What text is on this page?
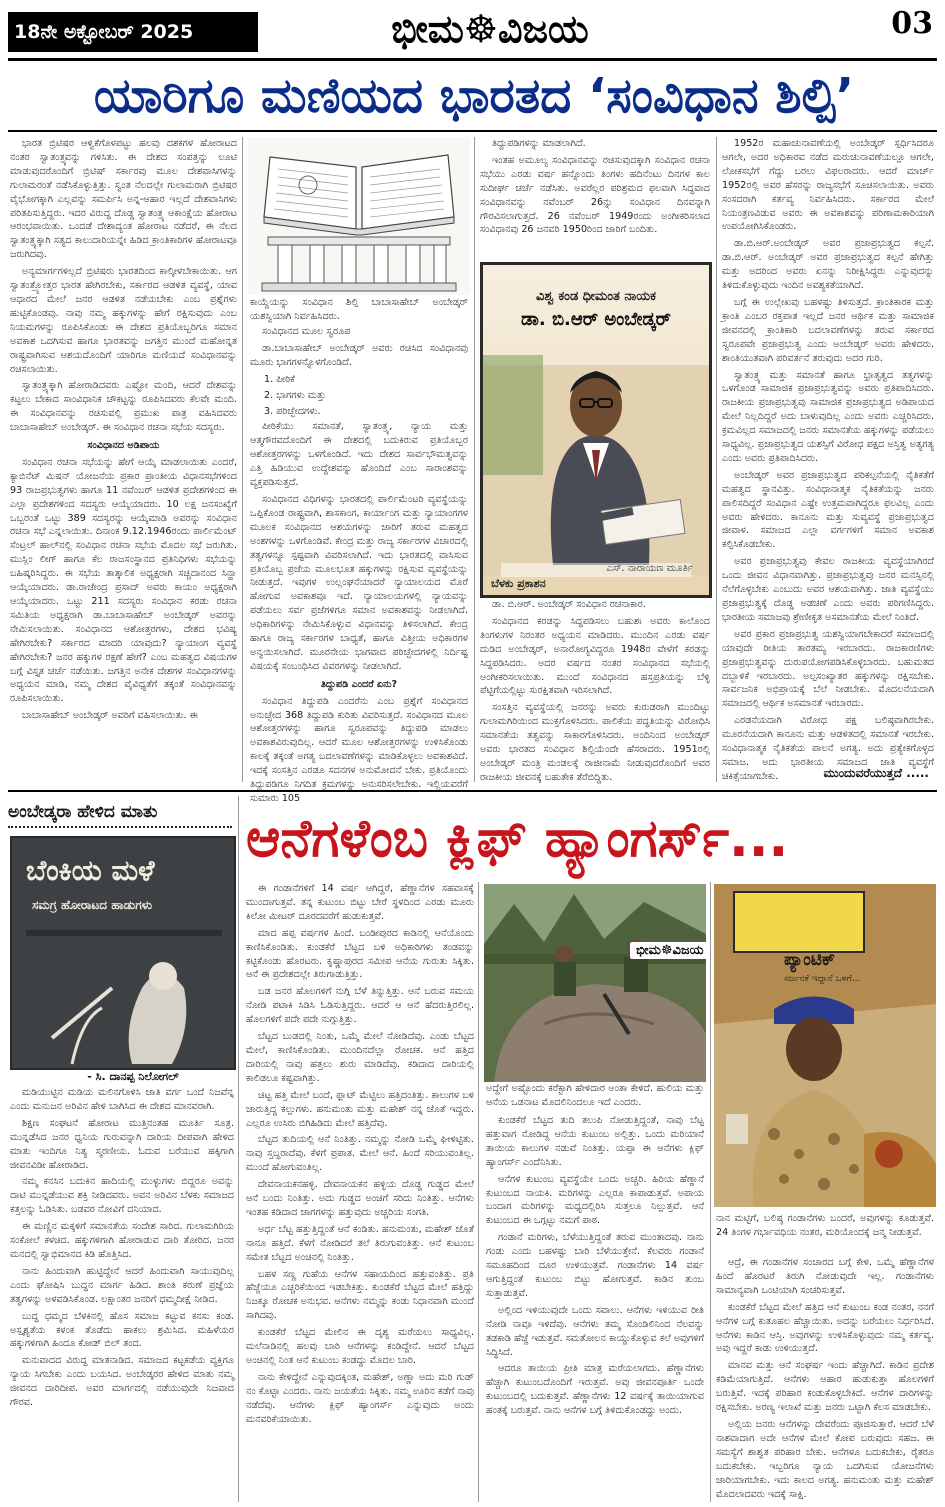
18ನೇ ಅಕ್ಟೋಬರ್ 2025	ಭೀಮ☸ವಿಜಯ	03
ಯಾರಿಗೂ ಮಣಿಯದ ಭಾರತದ ‘ಸಂವಿಧಾನ ಶಿಲ್ಪಿ’

ಭಾರತ ಬ್ರಿಟಿಷರ ಆಳ್ವಿಕೆಗೊಳಪಟ್ಟು ಹಲವು ದಶಕಗಳ ಹೋರಾಟದ ನಂತರ ಸ್ವಾತಂತ್ರ್ಯವನ್ನು ಗಳಿಸಿತು. ಈ ದೇಶದ ಸಂಪತ್ತನ್ನು ಲೂಟಿ ಮಾಡುವುದರೊಂದಿಗೆ ಬ್ರಿಟಿಷ್ ಸರ್ಕಾರವು ಮೂಲ ದೇಶವಾಸಿಗಳನ್ನು ಗುಲಾಮರಂತೆ ನಡೆಸಿಕೊಳ್ಳುತ್ತಿತ್ತು. ಸ್ವಂತ ನೆಲದಲ್ಲೇ ಗುಲಾಮರಾಗಿ ಬ್ರಿಟಿಷರ ವೈಭೋಗಕ್ಕಾಗಿ ಎಲ್ಲವನ್ನು ಸಮರ್ಪಿಸಿ ಅನ್ನ-ಆಹಾರ ಇಲ್ಲದೆ ದೇಶವಾಸಿಗಳು ಪರಿತಪಿಸುತ್ತಿದ್ದರು. ಇದರ ವಿರುದ್ಧ ದೊಡ್ಡ ಸ್ವಾತಂತ್ರ್ಯ ಆಕಾಂಕ್ಷೆಯ ಹೋರಾಟ ಆರಂಭವಾಯಿತು. ಒಂದಡೆ ದೇಶಾದ್ಯಂತ ಹೋರಾಟ ನಡೆದರೆ, ಈ ನೆಲದ ಸ್ವಾತಂತ್ರ್ಯಕ್ಕಾಗಿ ಸತ್ಯದ ಕಾಲುದಾರಿಯನ್ನೇ ಹಿಡಿದ ಕ್ರಾಂತಿಕಾರಿಗಳ ಹೋರಾಟವೂ ಜರುಗಿದವು.

ಅನ್ಯಮಾರ್ಗಗಳಿಲ್ಲದೆ ಬ್ರಿಟಿಷರು ಭಾರತದಿಂದ ಕಾಲ್ಕೀಳಬೇಕಾಯಿತು. ಆಗ ಸ್ವಾತಂತ್ರ್ಯೋತ್ತರ ಭಾರತ ಹೇಗಿರಬೇಕು, ಸರ್ಕಾರದ ಆಡಳಿತ ವ್ಯವಸ್ಥೆ, ಯಾವ ಆಧಾರದ ಮೇಲೆ ಜನರ ಆಡಳಿತ ನಡೆಯಬೇಕು ಎಂಬ ಪ್ರಶ್ನೆಗಳು ಹುಟ್ಟಿಕೊಂಡವು. ನಾವು ನಮ್ಮ ಹಕ್ಕುಗಳನ್ನು ಹೇಗೆ ರಕ್ಷಿಸುವುದು ಎಂಬ ನಿಯಮಗಳನ್ನು ರೂಪಿಸಿಕೊಂಡು ಈ ದೇಶದ ಪ್ರತಿಯೊಬ್ಬರಿಗೂ ಸಮಾನ ಅವಕಾಶ ಒದಗಿಸುವ ಹಾಗೂ ಭಾರತವನ್ನು ಜಗತ್ತಿನ ಮುಂದೆ ಮಹೋನ್ನತ ರಾಷ್ಟ್ರವಾಗಿಸುವ ಆಶಯದೊಂದಿಗೆ ಯಾರಿಗೂ ಮಣಿಯದೆ ಸಂವಿಧಾನವನ್ನು ರಚಿಸಲಾಯಿತು.

ಸ್ವಾತಂತ್ರ್ಯಕ್ಕಾಗಿ ಹೋರಾಡಿದವರು ಎಷ್ಟೋ ಮಂದಿ, ಆದರೆ ದೇಶವನ್ನು ಕಟ್ಟಲು ಬೇಕಾದ ಸಾಂವಿಧಾನಿಕ ಚೌಕಟ್ಟನ್ನು ರೂಪಿಸಿದವರು ಕೆಲವೇ ಮಂದಿ. ಈ ಸಂವಿಧಾನವನ್ನು ರಚಿಸುವಲ್ಲಿ ಪ್ರಮುಖ ಪಾತ್ರ ವಹಿಸಿದವರು ಬಾಬಾಸಾಹೇಬ್ ಅಂಬೇಡ್ಕರ್. ಈ ಸಂವಿಧಾನ ರಚನಾ ಸಭೆಯ ಸದಸ್ಯರು.

ಸಂವಿಧಾನದ ಅಡಿಪಾಯ

ಸಂವಿಧಾನ ರಚನಾ ಸಭೆಯನ್ನು ಹೇಗೆ ಆಯ್ಕೆ ಮಾಡಲಾಯಿತು ಎಂದರೆ, ಕ್ಯಾಬಿನೆಟ್ ಮಿಷನ್ ಯೋಜನೆಯ ಪ್ರಕಾರ ಪ್ರಾಂತೀಯ ವಿಧಾನಸಭೆಗಳಿಂದ 93 ರಾಜಪ್ರಭುತ್ವಗಳು ಹಾಗೂ 11 ನವೆಂಬರ್ ಆಡಳಿತ ಪ್ರದೇಶಗಳಿಂದ ಈ ಎಲ್ಲಾ ಪ್ರದೇಶಗಳಿಂದ ಸದಸ್ಯರು ಆಯ್ಕೆಯಾದರು. 10 ಲಕ್ಷ ಜನಸಂಖ್ಯೆಗೆ ಒಬ್ಬರಂತೆ ಒಟ್ಟು 389 ಸದಸ್ಯರನ್ನು ಆಯ್ಕೆಮಾಡಿ ಅವರನ್ನು ಸಂವಿಧಾನ ರಚನಾ ಸಭೆ ಎನ್ನಲಾಯಿತು. ದಿನಾಂಕ 9.12.1946ರಂದು ಪಾರ್ಲಿಮೆಂಟ್ ಸೆಂಟ್ರಲ್ ಹಾಲ್‌ನಲ್ಲಿ ಸಂವಿಧಾನ ರಚನಾ ಸಭೆಯ ಮೊದಲ ಸಭೆ ಜರುಗಿತು. ಮುಸ್ಲಿಂ ಲೀಗ್ ಹಾಗೂ ಕೆಲ ರಾಜಸಂಸ್ಥಾನದ ಪ್ರತಿನಿಧಿಗಳು ಸಭೆಯನ್ನು ಬಹಿಷ್ಕರಿಸಿದ್ದರು. ಈ ಸಭೆಯ ತಾತ್ಕಾಲಿಕ ಅಧ್ಯಕ್ಷರಾಗಿ ಸಚ್ಚಿದಾನಂದ ಸಿನ್ಹಾ ಆಯ್ಕೆಯಾದರು. ಡಾ.ರಾಜೇಂದ್ರ ಪ್ರಸಾದ್ ಅವರು ಕಾಯಂ ಅಧ್ಯಕ್ಷರಾಗಿ ಆಯ್ಕೆಯಾದರು. ಒಟ್ಟು 211 ಸದಸ್ಯರು ಸಂವಿಧಾನ ಕರಡು ರಚನಾ ಸಮಿತಿಯ ಅಧ್ಯಕ್ಷರಾಗಿ ಡಾ.ಬಾಬಾಸಾಹೇಬ್ ಅಂಬೇಡ್ಕರ್ ಅವರನ್ನು ನೇಮಿಸಲಾಯಿತು. ಸಂವಿಧಾನದ ಆಶೋತ್ತರಗಳು, ದೇಶದ ಭವಿಷ್ಯ ಹೇಗಿರಬೇಕು? ಸರ್ಕಾರದ ಮಾದರಿ ಯಾವುದು? ನ್ಯಾಯಾಂಗ ವ್ಯವಸ್ಥೆ ಹೇಗಿರಬೇಕು? ಜನರ ಹಕ್ಕುಗಳ ರಕ್ಷಣೆ ಹೇಗೆ? ಎಂಬ ಮಹತ್ವದ ವಿಷಯಗಳ ಬಗ್ಗೆ ವಿಸ್ತೃತ ಚರ್ಚೆ ನಡೆಯಿತು. ಜಗತ್ತಿನ ಅನೇಕ ದೇಶಗಳ ಸಂವಿಧಾನಗಳನ್ನು ಅಧ್ಯಯನ ಮಾಡಿ, ನಮ್ಮ ದೇಶದ ವೈವಿಧ್ಯತೆಗೆ ತಕ್ಕಂತೆ ಸಂವಿಧಾನವನ್ನು ರೂಪಿಸಲಾಯಿತು.

ಬಾಬಾಸಾಹೇಬ್ ಅಂಬೇಡ್ಕರ್ ಅವರಿಗೆ ವಹಿಸಲಾಯಿತು. ಈ

ಕಾಯ್ದೆಯನ್ನು ಸಂವಿಧಾನ ಶಿಲ್ಪಿ ಬಾಬಾಸಾಹೇಬ್ ಅಂಬೇಡ್ಕರ್ ಯಶಸ್ವಿಯಾಗಿ ನಿರ್ವಹಿಸಿದರು.

ಸಂವಿಧಾನದ ಮೂಲ ಸ್ವರೂಪ

ಡಾ.ಬಾಬಾಸಾಹೇಬ್ ಅಂಬೇಡ್ಕರ್ ಅವರು ರಚಿಸಿದ ಸಂವಿಧಾನವು ಮೂರು ಭಾಗಗಳನ್ನೊಳಗೊಂಡಿದೆ.

1. ಪೀಠಿಕೆ

2. ಭಾಗಗಳು ಮತ್ತು

3. ಪರಿಚ್ಛೇದಗಳು.

ಪೀಠಿಕೆಯು ಸಮಾನತೆ, ಸ್ವಾತಂತ್ರ್ಯ, ನ್ಯಾಯ ಮತ್ತು ಆತ್ಮಗೌರವದೊಂದಿಗೆ ಈ ದೇಶದಲ್ಲಿ ಬದುಕಿರುವ ಪ್ರತಿಯೊಬ್ಬರ ಆಶೋತ್ತರಗಳನ್ನು ಒಳಗೊಂಡಿದೆ. ಇದು ದೇಶದ ಸಾರ್ವಭೌಮತ್ವವನ್ನು ಎತ್ತಿ ಹಿಡಿಯುವ ಉದ್ದೇಶವನ್ನು ಹೊಂದಿದೆ ಎಂಬ ಸಾರಾಂಶವನ್ನು ವ್ಯಕ್ತಪಡಿಸುತ್ತದೆ.

ಸಂವಿಧಾನದ ವಿಧಿಗಳನ್ನು ಭಾರತದಲ್ಲಿ ಪಾರ್ಲಿಮೆಂಟರಿ ವ್ಯವಸ್ಥೆಯನ್ನು ಒಪ್ಪಿಕೊಂಡ ರಾಷ್ಟ್ರವಾಗಿ, ಶಾಸಕಾಂಗ, ಕಾರ್ಯಾಂಗ ಮತ್ತು ನ್ಯಾಯಾಂಗಗಳ ಮೂಲಕ ಸಂವಿಧಾನದ ಆಶಯಗಳನ್ನು ಜಾರಿಗೆ ತರುವ ಮಹತ್ವದ ಅಂಶಗಳನ್ನು ಒಳಗೊಂಡಿವೆ. ಕೇಂದ್ರ ಮತ್ತು ರಾಜ್ಯ ಸರ್ಕಾರಗಳ ವಿಚಾರದಲ್ಲಿ ತತ್ವಗಳನ್ನೂ ಸ್ಪಷ್ಟವಾಗಿ ವಿವರಿಸಲಾಗಿದೆ. ಇದು ಭಾರತದಲ್ಲಿ ವಾಸಿಸುವ ಪ್ರತಿಯೊಬ್ಬ ಪ್ರಜೆಯ ಮೂಲಭೂತ ಹಕ್ಕುಗಳನ್ನು ರಕ್ಷಿಸುವ ವ್ಯವಸ್ಥೆಯನ್ನು ನೀಡುತ್ತದೆ. ಇವುಗಳ ಉಲ್ಲಂಘನೆಯಾದರೆ ನ್ಯಾಯಾಲಯದ ಮೊರೆ ಹೋಗುವ ಅವಕಾಶವೂ ಇದೆ. ನ್ಯಾಯಾಲಯಗಳಲ್ಲಿ ನ್ಯಾಯವನ್ನು ಪಡೆಯಲು ಸರ್ವ ಪ್ರಜೆಗಳಿಗೂ ಸಮಾನ ಅವಕಾಶವನ್ನು ನೀಡಲಾಗಿದೆ. ಅಧಿಕಾರಿಗಳನ್ನು ನೇಮಿಸಿಕೊಳ್ಳುವ ವಿಧಾನವನ್ನು ತಿಳಿಸಲಾಗಿದೆ. ಕೇಂದ್ರ ಹಾಗೂ ರಾಜ್ಯ ಸರ್ಕಾರಗಳ ಬಾಧ್ಯತೆ, ಹಾಗೂ ವಿತ್ತೀಯ ಅಧಿಕಾರಗಳ ಅನ್ವಯಿಸಲಾಗಿದೆ. ಮೂರನೇಯ ಭಾಗವಾದ ಪರಿಚ್ಛೇದಗಳಲ್ಲಿ ನಿರ್ದಿಷ್ಟ ವಿಷಯಕ್ಕೆ ಸಂಬಂಧಿಸಿದ ವಿವರಗಳನ್ನು ನೀಡಲಾಗಿದೆ.

ತಿದ್ದುಪಡಿ ಎಂದರೆ ಏನು?

ಸಂವಿಧಾನ ತಿದ್ದುಪಡಿ ಎಂದರೆನು ಎಂಬ ಪ್ರಶ್ನೆಗೆ ಸಂವಿಧಾನದ ಅನುಚ್ಛೇದ 368 ತಿದ್ದುಪಡಿ ಕುರಿತು ವಿವರಿಸುತ್ತದೆ. ಸಂವಿಧಾನದ ಮೂಲ ಆಶೋತ್ತರಗಳನ್ನು ಹಾಗೂ ಸ್ವರೂಪವನ್ನು ತಿದ್ದುಪಡಿ ಮಾಡಲು ಅವಕಾಶವಿರುವುದಿಲ್ಲ. ಆದರೆ ಮೂಲ ಆಶೋತ್ತರಗಳನ್ನು ಉಳಿಸಿಕೊಂಡು ಕಾಲಕ್ಕೆ ತಕ್ಕಂತೆ ಅಗತ್ಯ ಬದಲಾವಣೆಗಳನ್ನು ಮಾಡಿಕೊಳ್ಳಲು ಅವಕಾಶವಿದೆ. ಇದಕ್ಕೆ ಸಂಸತ್ತಿನ ಎರಡೂ ಸದನಗಳ ಅನುಮೋದನೆ ಬೇಕು. ಪ್ರತಿಯೊಂದು ತಿದ್ದುಪಡಿಗೂ ನಿಗದಿತ ಕ್ರಮಗಳನ್ನು ಅನುಸರಿಸಲೇಬೇಕು. ಇಲ್ಲಿಯವರೆಗೆ ಸುಮಾರು 105

ತಿದ್ದುಪಡಿಗಳನ್ನು ಮಾಡಲಾಗಿದೆ.

ಇಂತಹ ಅಮೂಲ್ಯ ಸಂವಿಧಾನವನ್ನು ರಚಿಸುವುದಕ್ಕಾಗಿ ಸಂವಿಧಾನ ರಚನಾ ಸಭೆಯು ಎರಡು ವರ್ಷ ಹನ್ನೊಂದು ತಿಂಗಳು ಹದಿನೆಂಟು ದಿನಗಳ ಕಾಲ ಸುದೀರ್ಘ ಚರ್ಚೆ ನಡೆಸಿತು. ಅವರೆಲ್ಲರ ಪರಿಶ್ರಮದ ಫಲವಾಗಿ ಸಿದ್ಧವಾದ ಸಂವಿಧಾನವನ್ನು ನವೆಂಬರ್ 26ನ್ನು ಸಂವಿಧಾನ ದಿನವನ್ನಾಗಿ ಗೌರವಿಸಲಾಗುತ್ತದೆ. 26 ನವೆಂಬರ್ 1949ರಂದು ಅಂಗೀಕರಿಸಲಾದ ಸಂವಿಧಾನವು 26 ಜನವರಿ 1950ರಿಂದ ಜಾರಿಗೆ ಬಂದಿತು.

ವಿಶ್ವ ಕಂಡ ಧೀಮಂತ ನಾಯಕ
ಡಾ. ಬಿ.ಆರ್ ಅಂಬೇಡ್ಕರ್
ಎಸ್. ನಾರಾಯಣ ಮೂರ್ತಿ
ಬೆಳಕು ಪ್ರಕಾಶನ

ಡಾ. ಬಿ.ಆರ್. ಅಂಬೇಡ್ಕರ್ ಸಂವಿಧಾನ ರಚನಾಕಾರ.

ಸಂವಿಧಾನದ ಕರಡನ್ನು ಸಿದ್ಧಪಡಿಸಲು ಬಹುಶಃ ಅವರು ಕಾಲೊಂದ ತಿಂಗಳುಗಳ ನಿರಂತರ ಅಧ್ಯಯನ ಮಾಡಿದರು. ಮುಂದಿನ ಎರಡು ವರ್ಷ ದುಡಿದ ಅಂಬೇಡ್ಕರ್, ಅನಾರೋಗ್ಯವಿದ್ದರೂ 1948ರ ವೇಳೆಗೆ ಕರಡನ್ನು ಸಿದ್ಧಪಡಿಸಿದರು. ಅದರ ವರ್ಷದ ನಂತರ ಸಂವಿಧಾನದ ಸಭೆಯಲ್ಲಿ ಅಂಗೀಕರಿಸಲಾಯಿತು. ಮುಂದೆ ಸಂವಿಧಾನದ ಹಸ್ತಪ್ರತಿಯನ್ನು ಬೆಳ್ಳಿ ಪೆಟ್ಟಿಗೆಯಲ್ಲಿಟ್ಟು ಸುರಕ್ಷಿತವಾಗಿ ಇರಿಸಲಾಗಿದೆ.

ಸಂಸತ್ತಿನ ವ್ಯವಸ್ಥೆಯಲ್ಲಿ ಜನರನ್ನು ಅವರು ಕುರುಡರಾಗಿ ಮುಂದಿಟ್ಟು ಗುಲಾಮಗಿರಿಯಿಂದ ಮುಕ್ತಗೊಳಿಸಿದರು. ಪಾಲಿಕೆಯ ಪದ್ಧತಿಯನ್ನು ವಿರೋಧಿಸಿ ಸಮಾನತೆಯ ತತ್ವವನ್ನು ಸಾಕಾರಗೊಳಿಸಿದರು. ಅಂದಿನಿಂದ ಅಂಬೇಡ್ಕರ್ ಅವರು ಭಾರತದ ಸಂವಿಧಾನ ಶಿಲ್ಪಿಯೆಂದೇ ಹೆಸರಾದರು. 1951ರಲ್ಲಿ ಅಂಬೇಡ್ಕರ್ ಮಂತ್ರಿ ಮಂಡಲಕ್ಕೆ ರಾಜೀನಾಮೆ ನೀಡುವುದರೊಂದಿಗೆ ಅವರ ರಾಜಕೀಯ ಜೀವನಕ್ಕೆ ಬಹುತೇಕ ತೆರೆಬಿದ್ದಿತು.

1952ರ ಮಹಾಚುನಾವಣೆಯಲ್ಲಿ ಅಂಬೇಡ್ಕರ್ ಸ್ಪರ್ಧಿಸಿದರೂ ಆಗಲೇ, ಅದರ ಅಧಿಕಾರವ ನಡೆದ ಮರುಚುನಾವಣೆಯಲ್ಲೂ ಆಗಲೇ, ಲೋಕಸಭೆಗೆ ಗೆದ್ದು ಬರಲು ವಿಫಲರಾದರು. ಆದರೆ ಮಾರ್ಚ್ 1952ರಲ್ಲಿ ಅವರ ಹೆಸರನ್ನು ರಾಜ್ಯಸಭೆಗೆ ಸೂಚಿಸಲಾಯಿತು. ಅವರು ಸಂಸದರಾಗಿ ಕರ್ತವ್ಯ ನಿರ್ವಹಿಸಿದರು. ಸರ್ಕಾರದ ಮೇಲೆ ನಿಯಂತ್ರಣವಿಡುವ ಅವರು ಈ ಅವಕಾಶವನ್ನು ಪರಿಣಾಮಕಾರಿಯಾಗಿ ಉಪಯೋಗಿಸಿಕೊಂಡರು.

ಡಾ.ಬಿ.ಆರ್.ಅಂಬೇಡ್ಕರ್ ಅವರ ಪ್ರಜಾಪ್ರಭುತ್ವದ ಕಲ್ಪನೆ. ಡಾ.ಬಿ.ಆರ್. ಅಂಬೇಡ್ಕರ್ ಅವರ ಪ್ರಜಾಪ್ರಭುತ್ವದ ಕಲ್ಪನೆ ಹೇಗಿತ್ತು ಮತ್ತು ಅದರಿಂದ ಅವರು ಏನನ್ನು ನಿರೀಕ್ಷಿಸಿದ್ದರು ಎನ್ನುವುದನ್ನು ತಿಳಿದುಕೊಳ್ಳುವುದು ಇಂದಿನ ಅವಶ್ಯಕತೆಯಾಗಿದೆ.

ಬಗ್ಗೆ ಈ ಉಲ್ಲೇಖವು ಬಹಳಷ್ಟು ತಿಳಿಸುತ್ತದೆ. ಕ್ರಾಂತಿಕಾರಕ ಮತ್ತು ಕ್ರಾಂತಿ ಎಂಬರ ರಕ್ತಪಾತ ಇಲ್ಲದೆ ಜನರ ಆರ್ಥಿಕ ಮತ್ತು ಸಾಮಾಜಿಕ ಜೀವನದಲ್ಲಿ ಕ್ರಾಂತಿಕಾರಿ ಬದಲಾವಣೆಗಳನ್ನು ತರುವ ಸರ್ಕಾರದ ಸ್ವರೂಪವೇ ಪ್ರಜಾಪ್ರಭುತ್ವ ಎಂದು ಅಂಬೇಡ್ಕರ್ ಅವರು ಹೇಳಿದರು. ಶಾಂತಿಯುತವಾಗಿ ಪರಿವರ್ತನೆ ತರುವುದು ಅದರ ಗುರಿ.

ಸ್ವಾತಂತ್ರ್ಯ ಮತ್ತು ಸಮಾನತೆ ಹಾಗೂ ಭ್ರಾತೃತ್ವದ ತತ್ವಗಳನ್ನು ಒಳಗೊಂಡ ಸಾಮಾಜಿಕ ಪ್ರಜಾಪ್ರಭುತ್ವವನ್ನು ಅವರು ಪ್ರತಿಪಾದಿಸಿದರು. ರಾಜಕೀಯ ಪ್ರಜಾಪ್ರಭುತ್ವವು ಸಾಮಾಜಿಕ ಪ್ರಜಾಪ್ರಭುತ್ವದ ಅಡಿಪಾಯದ ಮೇಲೆ ನಿಲ್ಲದಿದ್ದರೆ ಅದು ಬಾಳುವುದಿಲ್ಲ ಎಂದು ಅವರು ಎಚ್ಚರಿಸಿದರು. ಕ್ರಮವಿಲ್ಲದ ಸಮಾಜದಲ್ಲಿ ಜನರು ಸಮಾನತೆಯ ಹಕ್ಕುಗಳನ್ನು ಪಡೆಯಲು ಸಾಧ್ಯವಿಲ್ಲ. ಪ್ರಜಾಪ್ರಭುತ್ವದ ಯಶಸ್ಸಿಗೆ ವಿರೋಧ ಪಕ್ಷದ ಅಸ್ತಿತ್ವ ಅತ್ಯಗತ್ಯ ಎಂದು ಅವರು ಪ್ರತಿಪಾದಿಸಿದರು.

ಅಂಬೇಡ್ಕರ್ ಅವರ ಪ್ರಜಾಪ್ರಭುತ್ವದ ಪರಿಕಲ್ಪನೆಯಲ್ಲಿ ನೈತಿಕತೆಗೆ ಮಹತ್ವದ ಸ್ಥಾನವಿತ್ತು. ಸಂವಿಧಾನಾತ್ಮಕ ನೈತಿಕತೆಯನ್ನು ಜನರು ಪಾಲಿಸದಿದ್ದರೆ ಸಂವಿಧಾನ ಎಷ್ಟೇ ಉತ್ತಮವಾಗಿದ್ದರೂ ಫಲವಿಲ್ಲ ಎಂದು ಅವರು ಹೇಳಿದರು. ಕಾನೂನು ಮತ್ತು ಸುವ್ಯವಸ್ಥೆ ಪ್ರಜಾಪ್ರಭುತ್ವದ ಜೀವಾಳ. ಸಮಾಜದ ಎಲ್ಲಾ ವರ್ಗಗಳಿಗೆ ಸಮಾನ ಅವಕಾಶ ಕಲ್ಪಿಸಿಕೊಡಬೇಕು.

ಅವರ ಪ್ರಜಾಪ್ರಭುತ್ವವು ಕೇವಲ ರಾಜಕೀಯ ವ್ಯವಸ್ಥೆಯಾಗಿರದೆ ಒಂದು ಜೀವನ ವಿಧಾನವಾಗಿತ್ತು. ಪ್ರಜಾಪ್ರಭುತ್ವವು ಜನರ ಮನಸ್ಸಿನಲ್ಲಿ ನೆಲೆಗೊಳ್ಳಬೇಕು ಎಂಬುದು ಅವರ ಆಶಯವಾಗಿತ್ತು. ಜಾತಿ ವ್ಯವಸ್ಥೆಯು ಪ್ರಜಾಪ್ರಭುತ್ವಕ್ಕೆ ದೊಡ್ಡ ಅಡಚಣೆ ಎಂದು ಅವರು ಪರಿಗಣಿಸಿದ್ದರು. ಭಾರತೀಯ ಸಮಾಜವು ಶ್ರೇಣೀಕೃತ ಅಸಮಾನತೆಯ ಮೇಲೆ ನಿಂತಿದೆ.

ಅವರ ಪ್ರಕಾರ ಪ್ರಜಾಪ್ರಭುತ್ವ ಯಶಸ್ವಿಯಾಗಬೇಕಾದರೆ ಸಮಾಜದಲ್ಲಿ ಯಾವುದೇ ರೀತಿಯ ತಾರತಮ್ಯ ಇರಬಾರದು. ರಾಜಕಾರಣಿಗಳು ಪ್ರಜಾಪ್ರಭುತ್ವವನ್ನು ದುರುಪಯೋಗಪಡಿಸಿಕೊಳ್ಳಬಾರದು. ಬಹುಮತದ ದಬ್ಬಾಳಿಕೆ ಇರಬಾರದು. ಅಲ್ಪಸಂಖ್ಯಾತರ ಹಕ್ಕುಗಳನ್ನು ರಕ್ಷಿಸಬೇಕು. ಸಾರ್ವಜನಿಕ ಅಭಿಪ್ರಾಯಕ್ಕೆ ಬೆಲೆ ನೀಡಬೇಕು. ಮೊದಲನೆಯದಾಗಿ ಸಮಾಜದಲ್ಲಿ ಆರ್ಥಿಕ ಅಸಮಾನತೆ ಇರಬಾರದು.

ಎರಡನೆಯದಾಗಿ ವಿರೋಧ ಪಕ್ಷ ಬಲಿಷ್ಠವಾಗಿರಬೇಕು. ಮೂರನೆಯದಾಗಿ ಕಾನೂನು ಮತ್ತು ಆಡಳಿತದಲ್ಲಿ ಸಮಾನತೆ ಇರಬೇಕು. ಸಂವಿಧಾನಾತ್ಮಕ ನೈತಿಕತೆಯ ಪಾಲನೆ ಅಗತ್ಯ. ಅದು ಪ್ರತ್ಯೇಕಗೊಳ್ಳದ ಸಮಾಜ. ಅದು ಭಾರತೀಯ ಸಮಾಜದ ಜಾತಿ ವ್ಯವಸ್ಥೆಗೆ ಚಿಕಿತ್ಸೆಯಾಗಬೇಕು.	ಮುಂದುವರೆಯುತ್ತದೆ .....
ಅಂಬೇಡ್ಕರಾ ಹೇಳಿದ ಮಾತು
ಬೆಂಕಿಯ ಮಳೆ
ಸಮಗ್ರ ಹೋರಾಟದ ಹಾಡುಗಳು
- ಸಿ. ದಾನಪ್ಪ ನಿಲೋಗಲ್

ಮಡಿಯುಟ್ಟಿನ ಮಡಿಯ ಮಲಿನಗೊಳಿಸಿ ಜಾತಿ ವರ್ಗ ಒಂದೆ ನಿಜವೆನ್ನ ಎಂದು ಮನುಜನ ಅರಿವಿನ ಹೇಳಿ ಬಾಗಿಸಿದ ಈ ದೇಶದ ಮಾನವರಾಗಿ.

ಶಿಕ್ಷಣ ಸಂಘಟನೆ ಹೋರಾಟ ಮುತ್ತಿನಂತಹ ಮೂರ್ತಿ ಸೂತ್ರ. ಮುನ್ನಡೆಸಿದ ಜನರ ಧ್ವನಿಯ ಗುರುವನ್ನಾಗಿ ದಾರಿಯ ದೀಪವಾಗಿ ಹೇಳಿದ ಮಾತು ಇಂದಿಗೂ ನಿತ್ಯ ಸ್ಮರಣೀಯ. ಓದುವ ಬರೆಯುವ ಹಕ್ಕಿಗಾಗಿ ಜೀವನವಿಡೀ ಹೋರಾಡಿದ.

ನಮ್ಮ ಕನಸಿನ ಬದುಕಿನ ಹಾದಿಯಲ್ಲಿ ಮುಳ್ಳುಗಳು ಬಿದ್ದರೂ ಅವನ್ನು ದಾಟಿ ಮುನ್ನಡೆಯುವ ಶಕ್ತಿ ನೀಡಿದವರು. ಅವನ ಅರಿವಿನ ಬೆಳಕು ಸಮಾಜದ ಕತ್ತಲನ್ನು ಓಡಿಸಿತು. ಬಡವರ ನೋವಿಗೆ ದನಿಯಾದ.

ಈ ಮಣ್ಣಿನ ಮಕ್ಕಳಿಗೆ ಸಮಾನತೆಯ ಸಂದೇಶ ಸಾರಿದ. ಗುಲಾಮಗಿರಿಯ ಸಂಕೋಲೆ ಕಳಚಿದ. ಹಕ್ಕುಗಳಿಗಾಗಿ ಹೋರಾಡುವ ದಾರಿ ತೋರಿದ. ಜನರ ಮನದಲ್ಲಿ ಸ್ವಾಭಿಮಾನದ ಕಿಡಿ ಹೊತ್ತಿಸಿದ.

ನಾನು ಹಿಂದುವಾಗಿ ಹುಟ್ಟಿದ್ದೇನೆ ಆದರೆ ಹಿಂದುವಾಗಿ ಸಾಯುವುದಿಲ್ಲ ಎಂದು ಘೋಷಿಸಿ ಬುದ್ಧನ ಮಾರ್ಗ ಹಿಡಿದ. ಶಾಂತಿ ಕರುಣೆ ಪ್ರಜ್ಞೆಯ ತತ್ವಗಳನ್ನು ಅಳವಡಿಸಿಕೊಂಡ. ಲಕ್ಷಾಂತರ ಜನರಿಗೆ ಧಮ್ಮದೀಕ್ಷೆ ನೀಡಿದ.

ಬುದ್ಧ ಧಮ್ಮದ ಬೆಳಕಿನಲ್ಲಿ ಹೊಸ ಸಮಾಜ ಕಟ್ಟುವ ಕನಸು ಕಂಡ. ಅಸ್ಪೃಶ್ಯತೆಯ ಕಳಂಕ ತೊಡೆದು ಹಾಕಲು ಶ್ರಮಿಸಿದ. ಮಹಿಳೆಯರ ಹಕ್ಕುಗಳಿಗಾಗಿ ಹಿಂದೂ ಕೋಡ್ ಬಿಲ್ ತಂದ.

ಮನುವಾದದ ವಿರುದ್ಧ ಮಾತನಾಡಿದ. ಸಮಾಜದ ಕಟ್ಟಕಡೆಯ ವ್ಯಕ್ತಿಗೂ ನ್ಯಾಯ ಸಿಗಬೇಕು ಎಂದು ಬಯಸಿದ. ಅಂಬೇಡ್ಕರರ ಹೇಳಿದ ಮಾತು ನಮ್ಮ ಜೀವನದ ದಾರಿದೀಪ. ಅವರ ಮಾರ್ಗದಲ್ಲಿ ನಡೆಯುವುದೇ ನಿಜವಾದ ಗೌರವ.

ಆನೆಗಳೆಂಬ ಕ್ಲಿಫ್ ಹ್ಯಾಂಗರ್ಸ್...

ಈ ಗಂಡಾನೆಗಳಿಗೆ 14 ವರ್ಷ ಆಗಿದ್ದರೆ, ಹೆಣ್ಣಾನೆಗಳ ಸಹವಾಸಕ್ಕೆ ಮುಂದಾಗುತ್ತವೆ. ತನ್ನ ಕುಟುಂಬ ಬಿಟ್ಟು ಬೇರೆ ಸ್ಥಳದಿಂದ ಎರಡು ಮೂರು ಕಿಲೋ ಮೀಟರ್ ದೂರದವರೆಗೆ ಹುಡುಕುತ್ತವೆ.

ಮಾದ ಹಪ್ಪ ವರ್ಷಗಳ ಹಿಂದೆ. ಬಂಡೀಪುರದ ಕಾಡಿನಲ್ಲಿ ಆನೆಯೊಂದು ಕಾಣಿಸಿಕೊಂಡಿತು. ಕುಂಡಕೆರೆ ಬೆಟ್ಟದ ಬಳಿ ಅಧಿಕಾರಿಗಳು ತಂಡವನ್ನು ಕಟ್ಟಿಕೊಂಡು ಹೊರಟರು. ಕೃಷ್ಣಾಪುರದ ಸಮೀಪ ಆನೆಯ ಗುರುತು ಸಿಕ್ಕಿತು. ಆನೆ ಈ ಪ್ರದೇಶದಲ್ಲೇ ತಿರುಗಾಡುತ್ತಿತ್ತು.

ಬಡ ಜನರ ಹೊಲಗಳಿಗೆ ನುಗ್ಗಿ ಬೆಳೆ ತಿನ್ನುತ್ತಿತ್ತು. ಆನೆ ಬರುವ ಸಮಯ ನೋಡಿ ಪಟಾಕಿ ಸಿಡಿಸಿ ಓಡಿಸುತ್ತಿದ್ದರು. ಆದರೆ ಆ ಆನೆ ಹೆದರುತ್ತಿರಲಿಲ್ಲ. ಹೊಲಗಳಿಗೆ ಪದೇ ಪದೇ ನುಗ್ಗುತ್ತಿತ್ತು.

ಬೆಟ್ಟದ ಬುಡದಲ್ಲಿ ನಿಂತು, ಒಮ್ಮೆ ಮೇಲೆ ನೋಡಿದೆವು. ಎಂಡು ಬೆಟ್ಟದ ಮೇಲೆ, ಕಾಣಿಸಿಕೊಂಡಿತು. ಮುಂದಿನದೆಲ್ಲಾ ರೋಚಕ. ಆನೆ ಹತ್ತಿದ ದಾರಿಯಲ್ಲಿ ನಾವು ಹತ್ತಲು ಶುರು ಮಾಡಿದೆವು. ಕಡಿದಾದ ದಾರಿಯಲ್ಲಿ ಕಾಲಿಡಲೂ ಕಷ್ಟವಾಗಿತ್ತು.

ಚಿಟ್ಟ ಹತ್ತಿ ಮೇಲೆ ಬಂದೆ, ಫ್ಲಾಟ್ ಮೆಟ್ಟಿಲು ಹತ್ತಿದಂತಿತ್ತು. ಕಾಲುಗಳ ಬಳಿ ಜಾರುತ್ತಿದ್ದ ಕಲ್ಲುಗಳು. ಹನುಮಂತು ಮತ್ತು ಮಹೇಶ್ ನನ್ನ ಜೊತೆ ಇದ್ದರು. ಎಲ್ಲರೂ ಉಸಿರು ಬಿಗಿಹಿಡಿದು ಮೇಲೆ ಹತ್ತಿದೆವು.

ಬೆಟ್ಟದ ತುದಿಯಲ್ಲಿ ಆನೆ ನಿಂತಿತ್ತು. ನಮ್ಮನ್ನು ನೋಡಿ ಒಮ್ಮೆ ಘೀಳಿಟ್ಟಿತು. ನಾವು ಸ್ತಬ್ಧರಾದೆವು. ಕೆಳಗೆ ಪ್ರಪಾತ. ಮೇಲೆ ಆನೆ. ಹಿಂದೆ ಸರಿಯುವಂತಿಲ್ಲ. ಮುಂದೆ ಹೋಗುವಂತಿಲ್ಲ.

ದೇವನಾಯಕನಹಳ್ಳಿ. ದೇವನಾಯಕನ ಹಳ್ಳಿಯ ದೊಡ್ಡ ಗುಡ್ಡದ ಮೇಲೆ ಆನೆ ಬಂದು ನಿಂತಿತ್ತು. ಅದು ಗುಡ್ಡದ ಅಂಚಿಗೆ ಸರಿದು ನಿಂತಿತ್ತು. ಆನೆಗಳು ಇಂತಹ ಕಡಿದಾದ ಜಾಗಗಳನ್ನು ಹತ್ತುವುದು ಅಚ್ಚರಿಯ ಸಂಗತಿ.

ಅರ್ಧ ಬೆಟ್ಟ ಹತ್ತುತ್ತಿದ್ದಂತೆ ಆನೆ ಕಂಡಿತು. ಹನುಮಂತು, ಮಹೇಶ್ ಜೊತೆ ನಾನೂ ಹತ್ತಿದೆ. ಕೆಳಗೆ ನೋಡಿದರೆ ತಲೆ ತಿರುಗುವಂತಿತ್ತು. ಆನೆ ಕುಟುಂಬ ಸಮೇತ ಬೆಟ್ಟದ ಅಂಚಿನಲ್ಲಿ ನಿಂತಿತ್ತು.

ಬಹಳ ಸಣ್ಣ ಗುಹೆಯ ಆನೆಗಳ ಸಹಾಯದಿಂದ ಹತ್ತುವಂತಿತ್ತು. ಪ್ರತಿ ಹೆಜ್ಜೆಯೂ ಎಚ್ಚರಿಕೆಯಿಂದ ಇಡಬೇಕಿತ್ತು. ಕುಂಡಕೆರೆ ಬೆಟ್ಟದ ಮೇಲೆ ಹತ್ತಿದ್ದು ನಿಜಕ್ಕೂ ರೋಚಕ ಅನುಭವ. ಆನೆಗಳು ನಮ್ಮನ್ನು ಕಂಡು ನಿಧಾನವಾಗಿ ಮುಂದೆ ಸಾಗಿದವು.

ಕುಂಡಕೆರೆ ಬೆಟ್ಟದ ಮೇಲಿನ ಈ ದೃಶ್ಯ ಮರೆಯಲು ಸಾಧ್ಯವಿಲ್ಲ. ಮಲೆನಾಡಿನಲ್ಲಿ ಹಲವು ಬಾರಿ ಆನೆಗಳನ್ನು ಕಂಡಿದ್ದೇನೆ. ಆದರೆ ಬೆಟ್ಟದ ಅಂಚಿನಲ್ಲಿ ನಿಂತ ಆನೆ ಕುಟುಂಬ ಕಂಡದ್ದು ಮೊದಲ ಬಾರಿ.

ನಾನು ಕೇಳಿದ್ದೇನೆ ಎನ್ನುವುದಕ್ಕಿಂತ, ಮಹೇಶ್, ಅಣ್ಣಾ ಅದು ಮರಿ ಗುಡ್ ನಂ ಕೊಟ್ಟಾ ಎಂದರು. ನಾನು ಜಯತೆಯ ಸಿಕ್ಕಿತು. ನಮ್ಮ ಊರಿನ ಕಡೆಗೆ ನಾವು ನಡೆದೆವು. ಆನೆಗಳು ಕ್ಲಿಫ್ ಹ್ಯಾಂಗರ್ಸ್ ಎನ್ನುವುದು ಅಂದು ಮನವರಿಕೆಯಾಯಿತು.

ಭೀಮ☸ವಿಜಯ
ಅದ್ದೇಗೆ ಅಷ್ಟೊಂದು ಕರೆಕ್ಟಾಗಿ ಹೇಳಿದಾರ ಅಂತಾ ಕೇಳಿದೆ. ಹುಲಿಯ ಮತ್ತು ಆನೆಯ ಒಡನಾಟ ಮೊದಲಿನಿಂದಲೂ ಇದೆ ಎಂದರು.

ಕುಂಡಕೆರೆ ಬೆಟ್ಟದ ತುದಿ ತಲುಪಿ ನೋಡುತ್ತಿದ್ದಂತೆ, ನಾವು ಬೆಟ್ಟ ಹತ್ತುವಾಗ ನೋಡಿದ್ದ ಆನೆಯ ಕುಟುಂಬ ಅಲ್ಲಿತ್ತು. ಒಂದು ಮರಿಯಾನೆ ತಾಯಿಯ ಕಾಲುಗಳ ನಡುವೆ ನಿಂತಿತ್ತು. ಯಪ್ಪಾ ಈ ಆನೆಗಳು ಕ್ಲಿಫ್ ಹ್ಯಾಂಗರ್ಸ್ ಎಂದೆನಿಸಿತು.

ಆನೆಗಳ ಕುಟುಂಬ ವ್ಯವಸ್ಥೆಯೇ ಒಂದು ಅಚ್ಚರಿ. ಹಿರಿಯ ಹೆಣ್ಣಾನೆ ಕುಟುಂಬದ ನಾಯಕಿ. ಮರಿಗಳನ್ನು ಎಲ್ಲರೂ ಕಾಪಾಡುತ್ತವೆ. ಅಪಾಯ ಬಂದಾಗ ಮರಿಗಳನ್ನು ಮಧ್ಯದಲ್ಲಿರಿಸಿ ಸುತ್ತಲೂ ನಿಲ್ಲುತ್ತವೆ. ಆನೆ ಕುಟುಂಬದ ಈ ಒಗ್ಗಟ್ಟು ನಮಗೆ ಪಾಠ.

ಗಂಡಾನೆ ಮರಿಗಳು, ಬೆಳೆಯುತ್ತಿದ್ದಂತೆ ತರುವ ಮುಂತಾದವು. ನಾನು ಗಂಡು ಎಂದು ಬಹಳಷ್ಟು ಬಾರಿ ಬೆಳೆಯುತ್ತೇನೆ. ಕೆಲವರು ಗಂಡಾನೆ ಸಮೂಹದಿಂದ ದೂರ ಉಳಿಯುತ್ತವೆ. ಗಂಡಾನೆಗಳು 14 ವರ್ಷ ಆಗುತ್ತಿದ್ದಂತೆ ಕುಟುಂಬ ಬಿಟ್ಟು ಹೋಗುತ್ತವೆ. ಕಾಡಿನ ತುಂಬ ಸುತ್ತಾಡುತ್ತವೆ.

ಅಲ್ಲಿಂದ ಇಳಿಯುವುದೇ ಒಂದು ಸವಾಲು. ಆನೆಗಳು ಇಳಿಯುವ ರೀತಿ ನೋಡಿ ನಾವೂ ಇಳಿದೆವು. ಆನೆಗಳು ತಮ್ಮ ಸೊಂಡಿಲಿನಿಂದ ನೆಲವನ್ನು ತಡಕಾಡಿ ಹೆಜ್ಜೆ ಇಡುತ್ತವೆ. ಸಮತೋಲನ ಕಾಯ್ದುಕೊಳ್ಳುವ ಕಲೆ ಅವುಗಳಿಗೆ ಸಿದ್ಧಿಸಿದೆ.

ಆದರೂ ತಾಯಿಯ ಪ್ರೀತಿ ಮಾತ್ರ ಮರೆಯಲಾಗದು. ಹೆಣ್ಣಾನೆಗಳು ಹೆಚ್ಚಾಗಿ ಕುಟುಂಬದೊಂದಿಗೆ ಇರುತ್ತವೆ. ಅವು ಜೀವನಪೂರ್ತಿ ಒಂದೇ ಕುಟುಂಬದಲ್ಲಿ ಬದುಕುತ್ತವೆ. ಹೆಣ್ಣಾನೆಗಳು 12 ವರ್ಷಕ್ಕೆ ತಾಯಿಯಾಗುವ ಹಂತಕ್ಕೆ ಬರುತ್ತವೆ. ನಾನು ಆನೆಗಳ ಬಗ್ಗೆ ತಿಳಿದುಕೊಂಡದ್ದು ಅಂದು.

ಪ್ಯಾಂಟಿಕ್
ಸರ್ಜನಕೆ ಇದ್ದಾನೆ ಒಳಗೆ...
ನಾನ ಮಟ್ಟಿಗೆ, ಬಲಿಷ್ಠ ಗಂಡಾನೆಗಳು ಬಂದರೆ, ಅವುಗಳನ್ನು ಕೂಡುತ್ತವೆ. 24 ತಿಂಗಳ ಗರ್ಭಾವಧಿಯ ನಂತರ, ಮರಿಯೊಂದಕ್ಕೆ ಜನ್ಮ ನೀಡುತ್ತವೆ.

ಆದ್ರೆ, ಈ ಗಂಡಾನೆಗಳ ಸಂಚಾರದ ಬಗ್ಗೆ ಕೇಳಿ. ಒಮ್ಮೆ ಹೆಣ್ಣಾನೆಗಳ ಹಿಂದೆ ಹೊರಟರೆ ತಿರುಗಿ ನೋಡುವುದೇ ಇಲ್ಲ. ಗಂಡಾನೆಗಳು ಸಾಮಾನ್ಯವಾಗಿ ಒಂಟಿಯಾಗಿ ಸಂಚರಿಸುತ್ತವೆ.

ಕುಂಡಕೆರೆ ಬೆಟ್ಟದ ಮೇಲೆ ಹತ್ತಿದ ಆನೆ ಕುಟುಂಬ ಕಂಡ ನಂತರ, ನನಗೆ ಆನೆಗಳ ಬಗ್ಗೆ ಕುತೂಹಲ ಹೆಚ್ಚಾಯಿತು. ಅದನ್ನು ಬರೆಯಲು ನಿರ್ಧರಿಸಿದೆ. ಆನೆಗಳು ಕಾಡಿನ ಆಸ್ತಿ. ಅವುಗಳನ್ನು ಉಳಿಸಿಕೊಳ್ಳುವುದು ನಮ್ಮ ಕರ್ತವ್ಯ. ಅವು ಇದ್ದರೆ ಕಾಡು ಉಳಿಯುತ್ತದೆ.

ಮಾನವ ಮತ್ತು ಆನೆ ಸಂಘರ್ಷ ಇಂದು ಹೆಚ್ಚಾಗಿದೆ. ಕಾಡಿನ ಪ್ರದೇಶ ಕಡಿಮೆಯಾಗುತ್ತಿದೆ. ಆನೆಗಳು ಆಹಾರ ಹುಡುಕುತ್ತಾ ಹೊಲಗಳಿಗೆ ಬರುತ್ತಿವೆ. ಇದಕ್ಕೆ ಪರಿಹಾರ ಕಂಡುಕೊಳ್ಳಬೇಕಿದೆ. ಆನೆಗಳ ದಾರಿಗಳನ್ನು ರಕ್ಷಿಸಬೇಕು. ಅರಣ್ಯ ಇಲಾಖೆ ಮತ್ತು ಜನರು ಒಟ್ಟಾಗಿ ಕೆಲಸ ಮಾಡಬೇಕು.

ಅಲ್ಲಿಯ ಜನರು ಆನೆಗಳನ್ನು ದೇವರೆಂದು ಪೂಜಿಸುತ್ತಾರೆ. ಆದರೆ ಬೆಳೆ ನಾಶವಾದಾಗ ಅದೇ ಆನೆಗಳ ಮೇಲೆ ಕೋಪ ಬರುವುದು ಸಹಜ. ಈ ಸಮಸ್ಯೆಗೆ ಶಾಶ್ವತ ಪರಿಹಾರ ಬೇಕು. ಆನೆಗಳೂ ಬದುಕಬೇಕು, ರೈತರೂ ಬದುಕಬೇಕು. ಇಬ್ಬರಿಗೂ ನ್ಯಾಯ ಒದಗಿಸುವ ಯೋಜನೆಗಳು ಜಾರಿಯಾಗಬೇಕು. ಇದು ಕಾಲದ ಅಗತ್ಯ. ಹನುಮಂತು ಮತ್ತು ಮಹೇಶ್ ಮೊದಲಾದವರು ಇದಕ್ಕೆ ಸಾಕ್ಷಿ.
